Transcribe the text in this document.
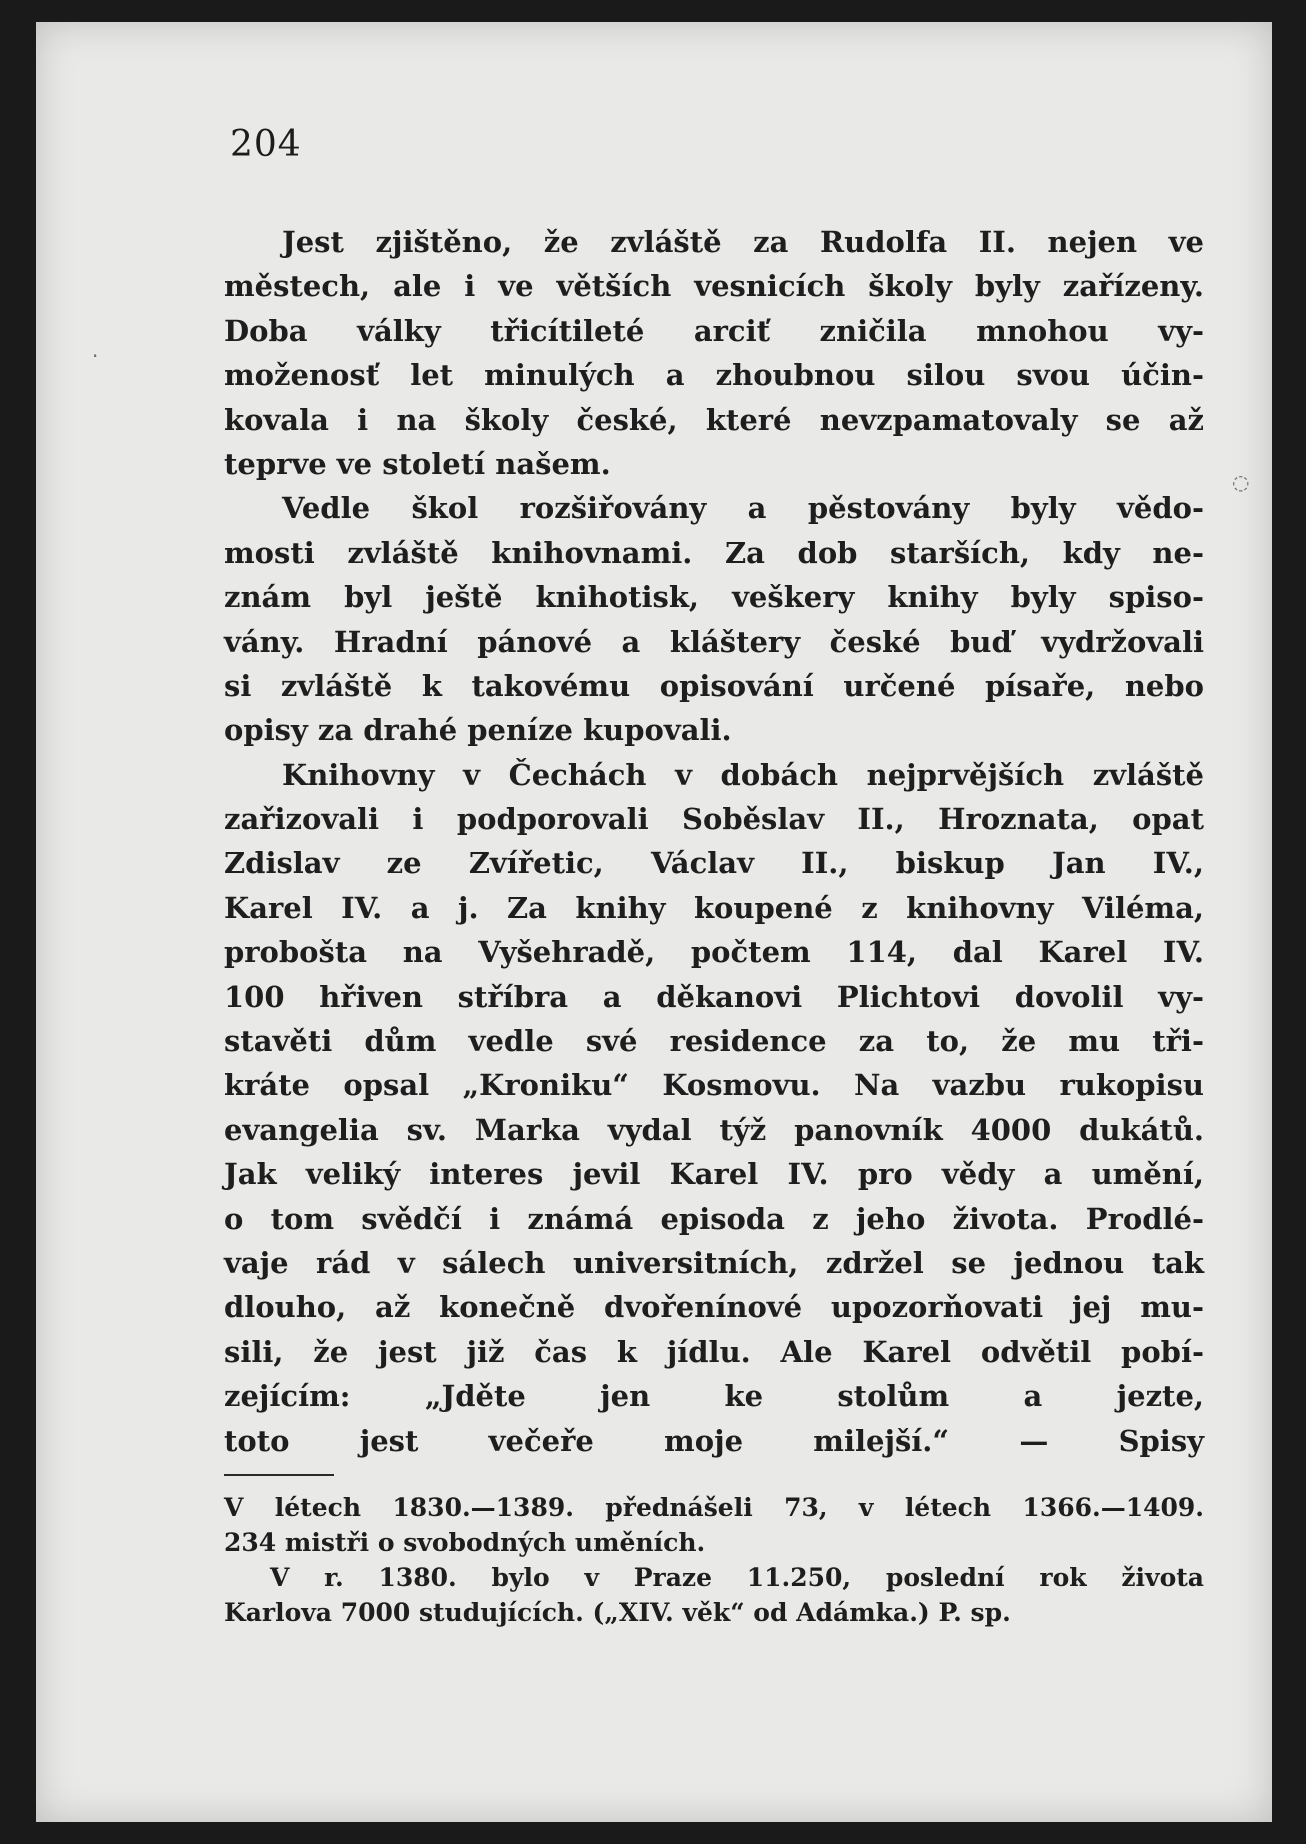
204
Jest zjištěno, že zvláště za Rudolfa II. nejen ve
městech, ale i ve větších vesnicích školy byly zařízeny.
Doba války třicítileté arciť zničila mnohou vy-
moženosť let minulých a zhoubnou silou svou účin-
kovala i na školy české, které nevzpamatovaly se až
teprve ve století našem.
Vedle škol rozšiřovány a pěstovány byly vědo-
mosti zvláště knihovnami. Za dob starších, kdy ne-
znám byl ještě knihotisk, veškery knihy byly spiso-
vány. Hradní pánové a kláštery české buď vydržovali
si zvláště k takovému opisování určené písaře, nebo
opisy za drahé peníze kupovali.
Knihovny v Čechách v dobách nejprvějších zvláště
zařizovali i podporovali Soběslav II., Hroznata, opat
Zdislav ze Zvířetic, Václav II., biskup Jan IV.,
Karel IV. a j. Za knihy koupené z knihovny Viléma,
probošta na Vyšehradě, počtem 114, dal Karel IV.
100 hřiven stříbra a děkanovi Plichtovi dovolil vy-
stavěti dům vedle své residence za to, že mu tři-
kráte opsal „Kroniku“ Kosmovu. Na vazbu rukopisu
evangelia sv. Marka vydal týž panovník 4000 dukátů.
Jak veliký interes jevil Karel IV. pro vědy a umění,
o tom svědčí i známá episoda z jeho života. Prodlé-
vaje rád v sálech universitních, zdržel se jednou tak
dlouho, až konečně dvořenínové upozorňovati jej mu-
sili, že jest již čas k jídlu. Ale Karel odvětil pobí-
zejícím: „Jděte jen ke stolům a jezte,
toto jest večeře moje milejší.“ — Spisy
V létech 1830.—1389. přednášeli 73, v létech 1366.—1409.
234 mistři o svobodných uměních.
V r. 1380. bylo v Praze 11.250, poslední rok života
Karlova 7000 studujících. („XIV. věk“ od Adámka.) P. sp.
◌
·
